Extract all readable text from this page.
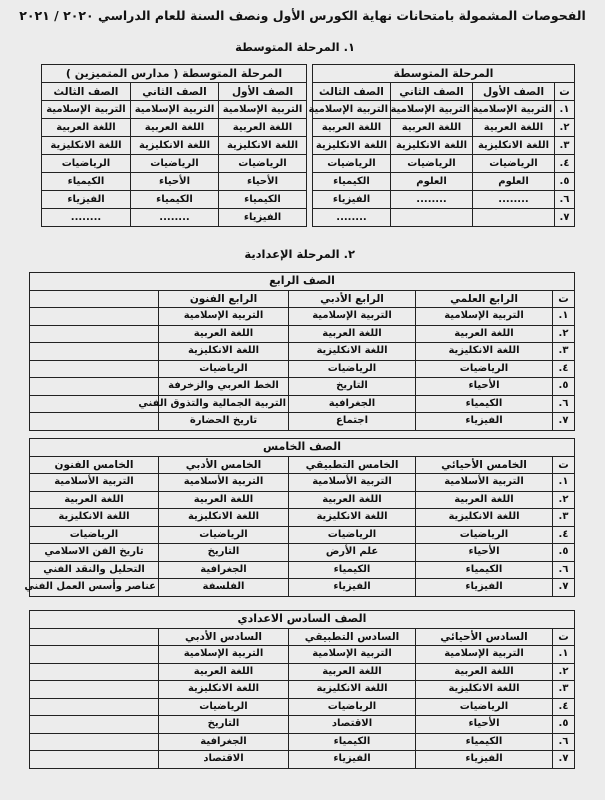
الفحوصات المشمولة بامتحانات نهاية الكورس الأول ونصف السنة للعام الدراسي ٢٠٢٠ / ٢٠٢١
١. المرحلة المتوسطة
المرحلة المتوسطة			
ت	الصف الأول	الصف الثاني	الصف الثالث
١.	التربية الإسلامية	التربية الإسلامية	التربية الإسلامية
٢.	اللغة العربية	اللغة العربية	اللغة العربية
٣.	اللغة الانكليزية	اللغة الانكليزية	اللغة الانكليزية
٤.	الرياضيات	الرياضيات	الرياضيات
٥.	العلوم	العلوم	الكيمياء
٦.	........	........	الفيزياء
٧.			........
المرحلة المتوسطة ( مدارس المتميزين )		
الصف الأول	الصف الثاني	الصف الثالث
التربية الإسلامية	التربية الإسلامية	التربية الإسلامية
اللغة العربية	اللغة العربية	اللغة العربية
اللغة الانكليزية	اللغة الانكليزية	اللغة الانكليزية
الرياضيات	الرياضيات	الرياضيات
الأحياء	الأحياء	الكيمياء
الكيمياء	الكيمياء	الفيزياء
الفيزياء	........	........
٢. المرحلة الإعدادية
الصف الرابع				
ت	الرابع العلمي	الرابع الأدبي	الرابع الفنون	
١.	التربية الإسلامية	التربية الإسلامية	التربية الإسلامية	
٢.	اللغة العربية	اللغة العربية	اللغة العربية	
٣.	اللغة الانكليزية	اللغة الانكليزية	اللغة الانكليزية	
٤.	الرياضيات	الرياضيات	الرياضيات	
٥.	الأحياء	التاريخ	الخط العربي والزخرفة	
٦.	الكيمياء	الجغرافية	التربية الجمالية والتذوق الفني	
٧.	الفيزياء	اجتماع	تاريخ الحضارة	
الصف الخامس				
ت	الخامس الأحيائي	الخامس التطبيقي	الخامس الأدبي	الخامس الفنون
١.	التربية الأسلامية	التربية الأسلامية	التربية الأسلامية	التربية الأسلامية
٢.	اللغة العربية	اللغة العربية	اللغة العربية	اللغة العربية
٣.	اللغة الانكليزية	اللغة الانكليزية	اللغة الانكليزية	اللغة الانكليزية
٤.	الرياضيات	الرياضيات	الرياضيات	الرياضيات
٥.	الأحياء	علم الأرض	التاريخ	تاريخ الفن الاسلامي
٦.	الكيمياء	الكيمياء	الجغرافية	التحليل والنقد الفني
٧.	الفيزياء	الفيزياء	الفلسفة	عناصر وأسس العمل الفني
الصف السادس الاعدادي				
ت	السادس الأحيائي	السادس التطبيقي	السادس الأدبي	
١.	التربية الإسلامية	التربية الإسلامية	التربية الإسلامية	
٢.	اللغة العربية	اللغة العربية	اللغة العربية	
٣.	اللغة الانكليزية	اللغة الانكليزية	اللغة الانكليزية	
٤.	الرياضيات	الرياضيات	الرياضيات	
٥.	الأحياء	الاقتصاد	التاريخ	
٦.	الكيمياء	الكيمياء	الجغرافية	
٧.	الفيزياء	الفيزياء	الاقتصاد	
